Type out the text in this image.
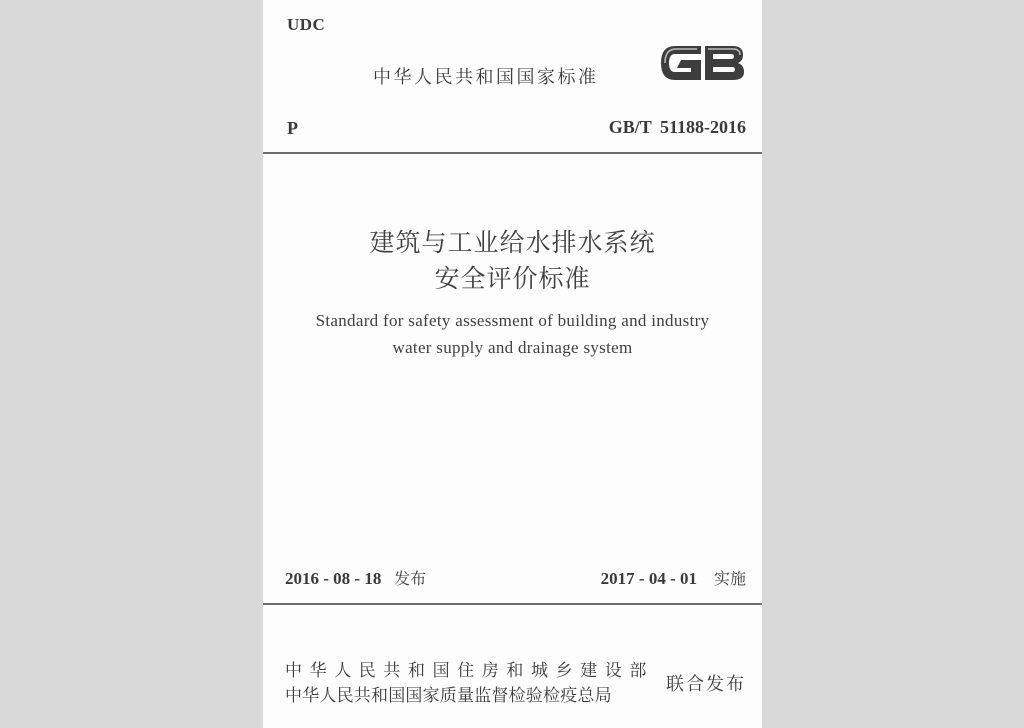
UDC
中华人民共和国国家标准
P	GB/T 51188-2016
建筑与工业给水排水系统
安全评价标准
Standard for safety assessment of building and industry
water supply and drainage system
2016 - 08 - 18 发布	2017 - 04 - 01 实施
中华人民共和国住房和城乡建设部
中华人民共和国国家质量监督检验检疫总局
联合发布
